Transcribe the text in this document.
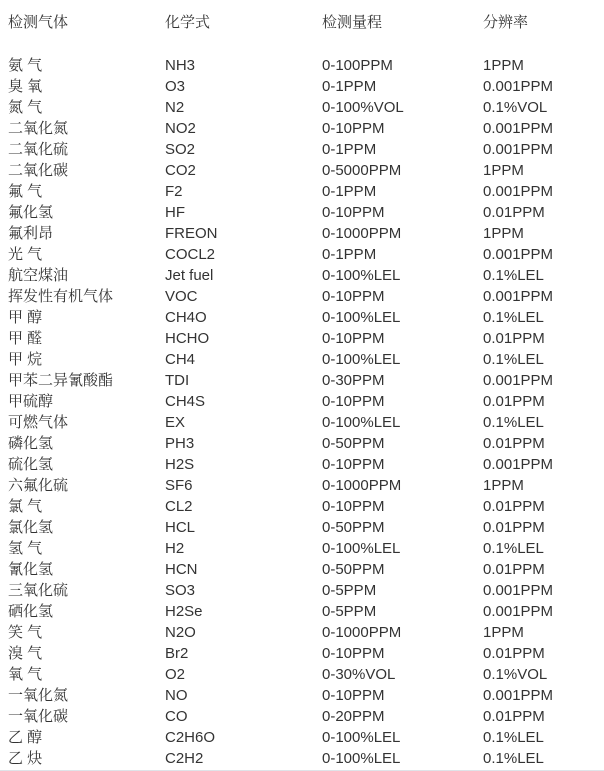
检测气体	化学式	检测量程	分辨率
氨 气	NH3	0-100PPM	1PPM
臭 氧	O3	0-1PPM	0.001PPM
氮 气	N2	0-100%VOL	0.1%VOL
二氧化氮	NO2	0-10PPM	0.001PPM
二氧化硫	SO2	0-1PPM	0.001PPM
二氧化碳	CO2	0-5000PPM	1PPM
氟 气	F2	0-1PPM	0.001PPM
氟化氢	HF	0-10PPM	0.01PPM
氟利昂	FREON	0-1000PPM	1PPM
光 气	COCL2	0-1PPM	0.001PPM
航空煤油	Jet fuel	0-100%LEL	0.1%LEL
挥发性有机气体	VOC	0-10PPM	0.001PPM
甲 醇	CH4O	0-100%LEL	0.1%LEL
甲 醛	HCHO	0-10PPM	0.01PPM
甲 烷	CH4	0-100%LEL	0.1%LEL
甲苯二异氰酸酯	TDI	0-30PPM	0.001PPM
甲硫醇	CH4S	0-10PPM	0.01PPM
可燃气体	EX	0-100%LEL	0.1%LEL
磷化氢	PH3	0-50PPM	0.01PPM
硫化氢	H2S	0-10PPM	0.001PPM
六氟化硫	SF6	0-1000PPM	1PPM
氯 气	CL2	0-10PPM	0.01PPM
氯化氢	HCL	0-50PPM	0.01PPM
氢 气	H2	0-100%LEL	0.1%LEL
氰化氢	HCN	0-50PPM	0.01PPM
三氧化硫	SO3	0-5PPM	0.001PPM
硒化氢	H2Se	0-5PPM	0.001PPM
笑 气	N2O	0-1000PPM	1PPM
溴 气	Br2	0-10PPM	0.01PPM
氧 气	O2	0-30%VOL	0.1%VOL
一氧化氮	NO	0-10PPM	0.001PPM
一氧化碳	CO	0-20PPM	0.01PPM
乙 醇	C2H6O	0-100%LEL	0.1%LEL
乙 炔	C2H2	0-100%LEL	0.1%LEL
